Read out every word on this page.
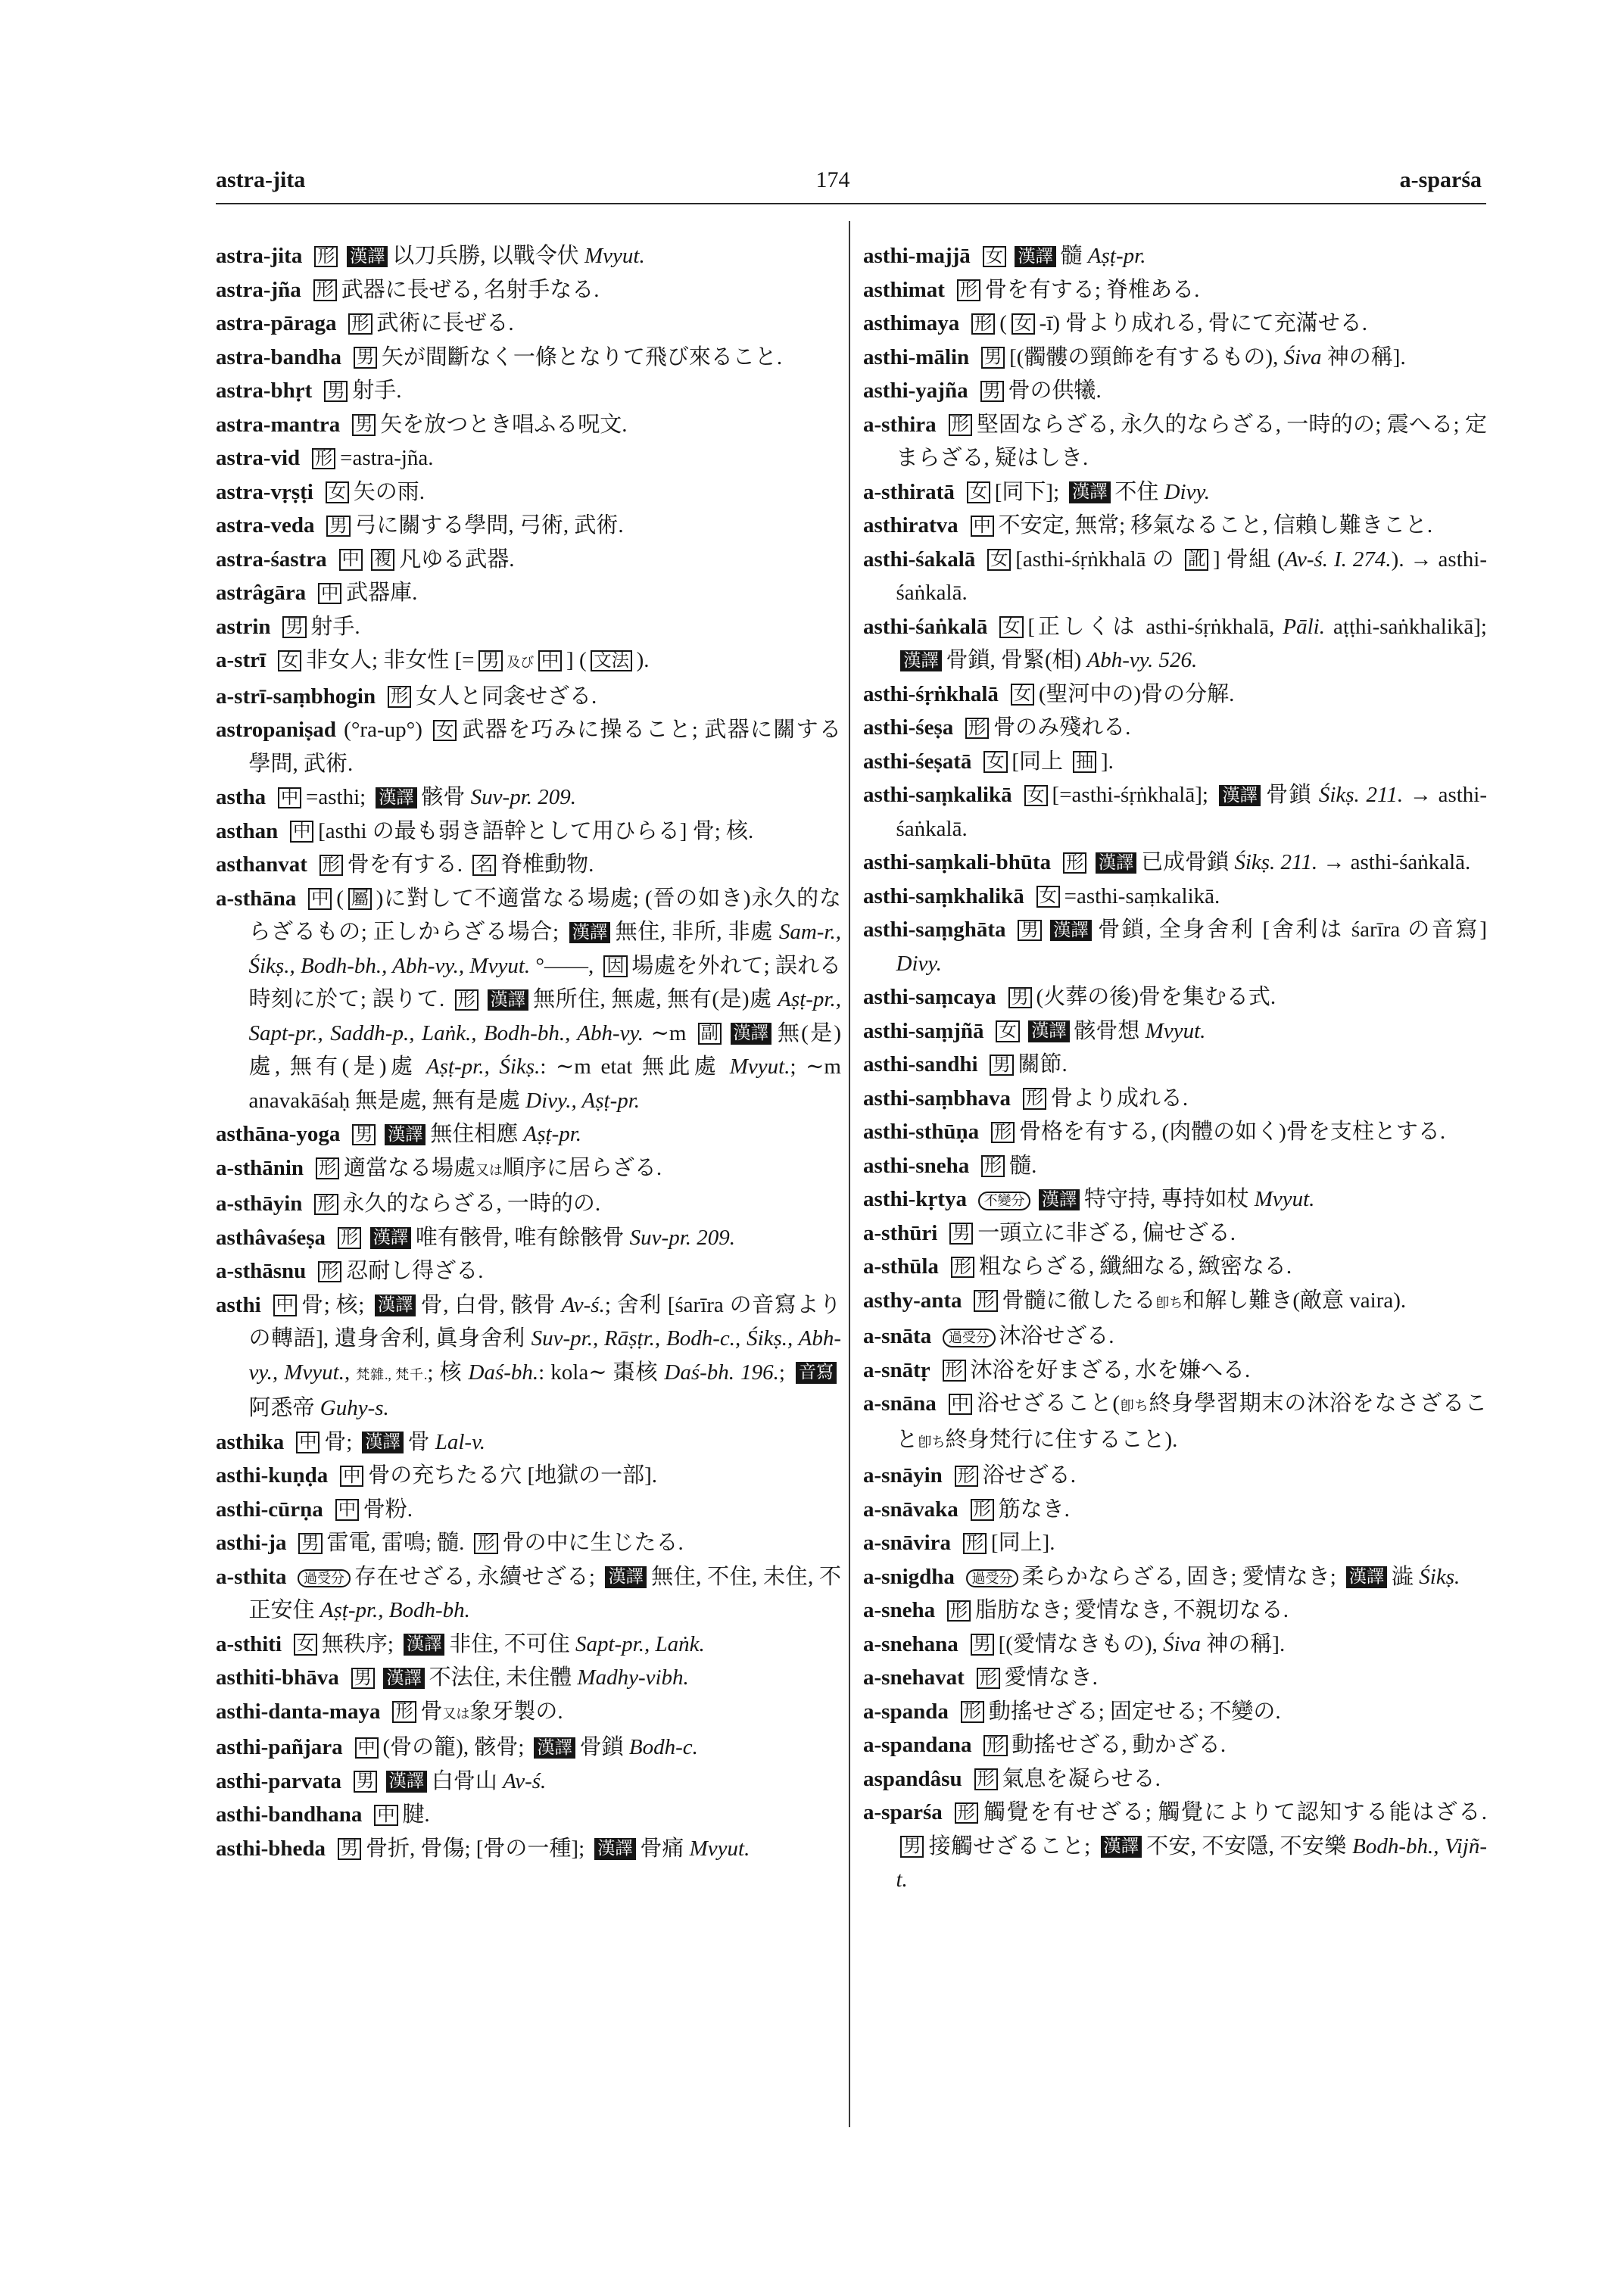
astra-jita	174	a-sparśa
astra-jita 形 漢譯 以刀兵勝, 以戰令伏 Mvyut.
astra-jña 形 武器に長ぜる, 名射手なる.
astra-pāraga 形 武術に長ぜる.
astra-bandha 男 矢が間斷なく一條となりて飛び來ること.
astra-bhṛt 男 射手.
astra-mantra 男 矢を放つとき唱ふる呪文.
astra-vid 形 =astra-jña.
astra-vṛṣṭi 女 矢の雨.
astra-veda 男 弓に關する學問, 弓術, 武術.
astra-śastra 中 複 凡ゆる武器.
astrâgāra 中 武器庫.
astrin 男 射手.
a-strī 女 非女人; 非女性 [= 男 及び 中 ] ( 文法 ).
a-strī-saṃbhogin 形 女人と同衾せざる.
astropaniṣad (°ra-up°) 女 武器を巧みに操ること; 武器に關する學問, 武術.
astha 中 =asthi; 漢譯 骸骨 Suv-pr. 209.
asthan 中 [asthi の最も弱き語幹として用ひらる] 骨; 核.
asthanvat 形 骨を有する. 名 脊椎動物.
a-sthāna 中 ( 屬 )に對して不適當なる場處; (晉の如き)永久的ならざるもの; 正しからざる場合; 漢譯 無住, 非所, 非處 Sam-r., Śikṣ., Bodh-bh., Abh-vy., Mvyut. °——, 因 場處を外れて; 誤れる時刻に於て; 誤りて. 形 漢譯 無所住, 無處, 無有(是)處 Aṣṭ-pr., Sapt-pr., Saddh-p., Laṅk., Bodh-bh., Abh-vy. ∼m 副 漢譯 無(是)處, 無有(是)處 Aṣṭ-pr., Śikṣ.: ∼m etat 無此處 Mvyut.; ∼m anavakāśaḥ 無是處, 無有是處 Divy., Aṣṭ-pr.
asthāna-yoga 男 漢譯 無住相應 Aṣṭ-pr.
a-sthānin 形 適當なる場處又は順序に居らざる.
a-sthāyin 形 永久的ならざる, 一時的の.
asthâvaśeṣa 形 漢譯 唯有骸骨, 唯有餘骸骨 Suv-pr. 209.
a-sthāsnu 形 忍耐し得ざる.
asthi 中 骨; 核; 漢譯 骨, 白骨, 骸骨 Av-ś.; 舍利 [śarīra の音寫よりの轉語], 遺身舍利, 眞身舍利 Suv-pr., Rāṣṭr., Bodh-c., Śikṣ., Abh-vy., Mvyut., 梵雜., 梵千.; 核 Daś-bh.: kola∼ 棗核 Daś-bh. 196.; 音寫阿悉帝 Guhy-s.
asthika 中 骨; 漢譯 骨 Lal-v.
asthi-kuṇḍa 中 骨の充ちたる穴 [地獄の一部].
asthi-cūrṇa 中 骨粉.
asthi-ja 男 雷電, 雷鳴; 髓. 形 骨の中に生じたる.
a-sthita 過受分 存在せざる, 永續せざる; 漢譯 無住, 不住, 未住, 不正安住 Aṣṭ-pr., Bodh-bh.
a-sthiti 女 無秩序; 漢譯 非住, 不可住 Sapt-pr., Laṅk.
asthiti-bhāva 男 漢譯 不法住, 未住體 Madhy-vibh.
asthi-danta-maya 形 骨又は象牙製の.
asthi-pañjara 中 (骨の籠), 骸骨; 漢譯 骨鎖 Bodh-c.
asthi-parvata 男 漢譯 白骨山 Av-ś.
asthi-bandhana 中 腱.
asthi-bheda 男 骨折, 骨傷; [骨の一種]; 漢譯 骨痛 Mvyut.
asthi-majjā 女 漢譯 髓 Aṣṭ-pr.
asthimat 形 骨を有する; 脊椎ある.
asthimaya 形 ( 女 -ī) 骨より成れる, 骨にて充滿せる.
asthi-mālin 男 [(髑髏の頸飾を有するもの), Śiva 神の稱].
asthi-yajña 男 骨の供犧.
a-sthira 形 堅固ならざる, 永久的ならざる, 一時的の; 震へる; 定まらざる, 疑はしき.
a-sthiratā 女 [同下]; 漢譯 不住 Divy.
asthiratva 中 不安定, 無常; 移氣なること, 信賴し難きこと.
asthi-śakalā 女 [asthi-śṛṅkhalā の 訛 ] 骨組 (Av-ś. I. 274.). → asthi-śaṅkalā.
asthi-śaṅkalā 女 [正しくは asthi-śṛṅkhalā, Pāli. aṭṭhi-saṅkhalikā]; 漢譯 骨鎖, 骨緊(相) Abh-vy. 526.
asthi-śṛṅkhalā 女 (聖河中の)骨の分解.
asthi-śeṣa 形 骨のみ殘れる.
asthi-śeṣatā 女 [同上 抽 ].
asthi-saṃkalikā 女 [=asthi-śṛṅkhalā]; 漢譯 骨鎖 Śikṣ. 211. → asthi-śaṅkalā.
asthi-saṃkali-bhūta 形 漢譯 已成骨鎖 Śikṣ. 211. → asthi-śaṅkalā.
asthi-saṃkhalikā 女 =asthi-saṃkalikā.
asthi-saṃghāta 男 漢譯 骨鎖, 全身舍利 [舍利は śarīra の音寫] Divy.
asthi-saṃcaya 男 (火葬の後)骨を集むる式.
asthi-saṃjñā 女 漢譯 骸骨想 Mvyut.
asthi-sandhi 男 關節.
asthi-saṃbhava 形 骨より成れる.
asthi-sthūṇa 形 骨格を有する, (肉體の如く)骨を支柱とする.
asthi-sneha 形 髓.
asthi-kṛtya 不變分 漢譯 特守持, 專持如杖 Mvyut.
a-sthūri 男 一頭立に非ざる, 偏せざる.
a-sthūla 形 粗ならざる, 纖細なる, 緻密なる.
asthy-anta 形 骨髓に徹したる卽ち和解し難き(敵意 vaira).
a-snāta 過受分 沐浴せざる.
a-snātṛ 形 沐浴を好まざる, 水を嫌へる.
a-snāna 中 浴せざること(卽ち終身學習期末の沐浴をなさざること卽ち終身梵行に住すること).
a-snāyin 形 浴せざる.
a-snāvaka 形 筋なき.
a-snāvira 形 [同上].
a-snigdha 過受分 柔らかならざる, 固き; 愛情なき; 漢譯 澁 Śikṣ.
a-sneha 形 脂肪なき; 愛情なき, 不親切なる.
a-snehana 男 [(愛情なきもの), Śiva 神の稱].
a-snehavat 形 愛情なき.
a-spanda 形 動搖せざる; 固定せる; 不變の.
a-spandana 形 動搖せざる, 動かざる.
aspandâsu 形 氣息を凝らせる.
a-sparśa 形 觸覺を有せざる; 觸覺によりて認知する能はざる. 男 接觸せざること; 漢譯 不安, 不安隱, 不安樂 Bodh-bh., Vijñ-t.
